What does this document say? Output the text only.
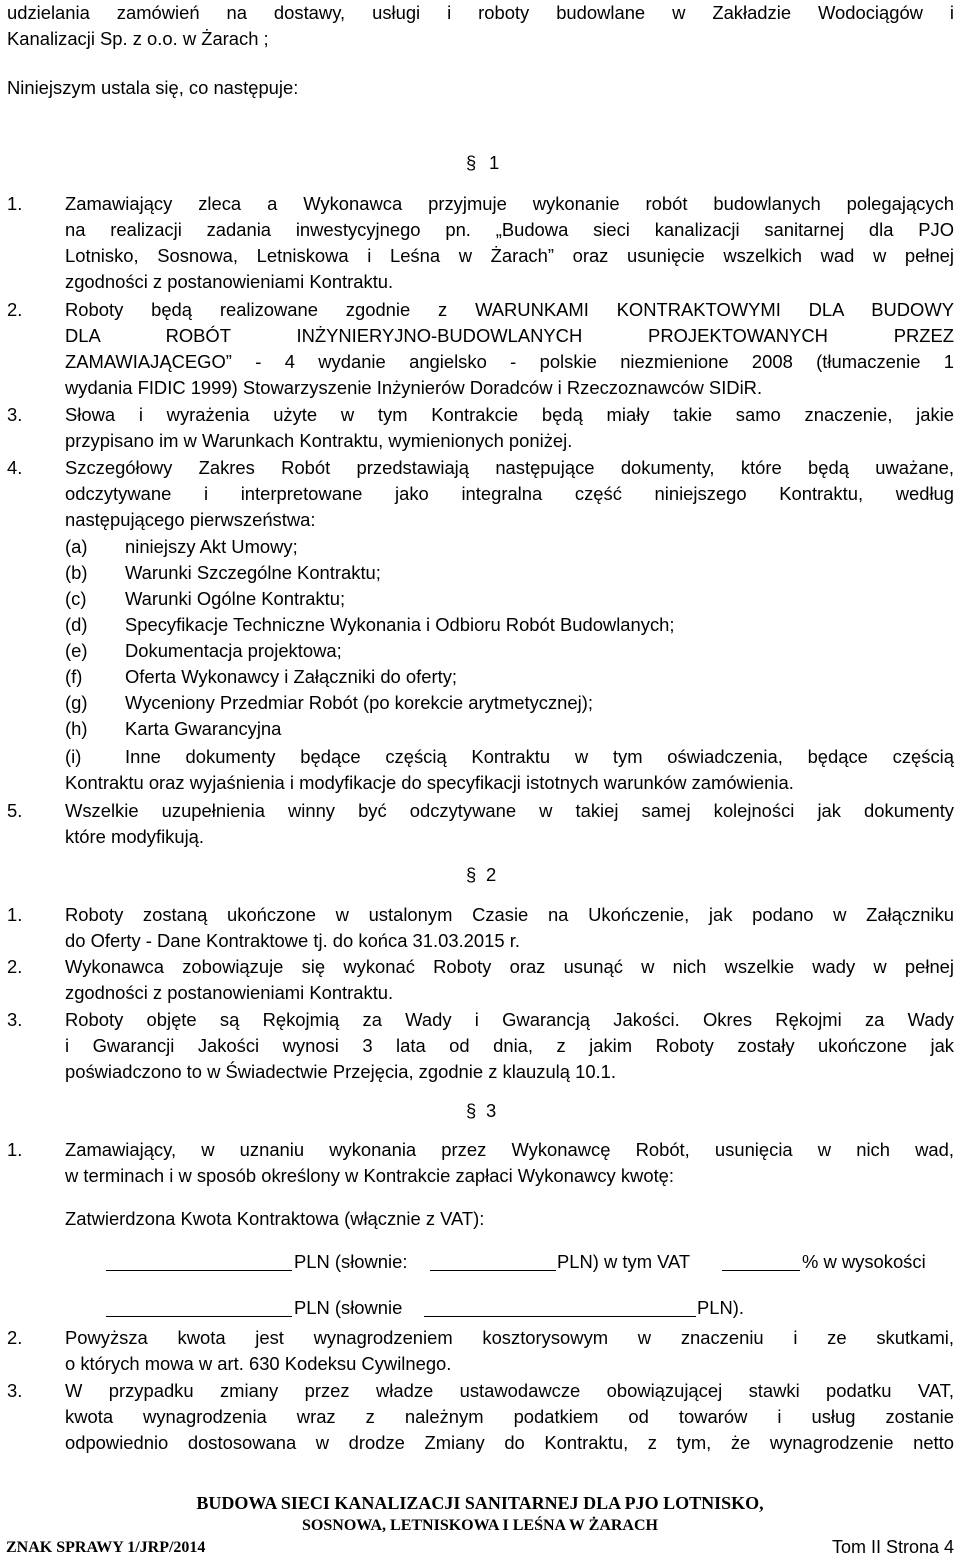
udzielania zamówień na dostawy, usługi i roboty budowlane w Zakładzie Wodociągów i
Kanalizacji Sp. z o.o. w Żarach ;
Niniejszym ustala się, co następuje:
§ 1
1. Zamawiający zleca a Wykonawca przyjmuje wykonanie robót budowlanych polegających
na realizacji zadania inwestycyjnego pn. „Budowa sieci kanalizacji sanitarnej dla PJO
Lotnisko, Sosnowa, Letniskowa i Leśna w Żarach” oraz usunięcie wszelkich wad w pełnej
zgodności z postanowieniami Kontraktu.
2. Roboty będą realizowane zgodnie z WARUNKAMI KONTRAKTOWYMI DLA BUDOWY
DLA ROBÓT INŻYNIERYJNO-BUDOWLANYCH PROJEKTOWANYCH PRZEZ
ZAMAWIAJĄCEGO” - 4 wydanie angielsko - polskie niezmienione 2008 (tłumaczenie 1
wydania FIDIC 1999) Stowarzyszenie Inżynierów Doradców i Rzeczoznawców SIDiR.
3. Słowa i wyrażenia użyte w tym Kontrakcie będą miały takie samo znaczenie, jakie
przypisano im w Warunkach Kontraktu, wymienionych poniżej.
4. Szczegółowy Zakres Robót przedstawiają następujące dokumenty, które będą uważane,
odczytywane i interpretowane jako integralna część niniejszego Kontraktu, według
następującego pierwszeństwa:
(a) niniejszy Akt Umowy;
(b) Warunki Szczególne Kontraktu;
(c) Warunki Ogólne Kontraktu;
(d) Specyfikacje Techniczne Wykonania i Odbioru Robót Budowlanych;
(e) Dokumentacja projektowa;
(f) Oferta Wykonawcy i Załączniki do oferty;
(g) Wyceniony Przedmiar Robót (po korekcie arytmetycznej);
(h) Karta Gwarancyjna
(i) Inne dokumenty będące częścią Kontraktu w tym oświadczenia, będące częścią
Kontraktu oraz wyjaśnienia i modyfikacje do specyfikacji istotnych warunków zamówienia.
5. Wszelkie uzupełnienia winny być odczytywane w takiej samej kolejności jak dokumenty
które modyfikują.
§ 2
1. Roboty zostaną ukończone w ustalonym Czasie na Ukończenie, jak podano w Załączniku
do Oferty - Dane Kontraktowe tj. do końca 31.03.2015 r.
2. Wykonawca zobowiązuje się wykonać Roboty oraz usunąć w nich wszelkie wady w pełnej
zgodności z postanowieniami Kontraktu.
3. Roboty objęte są Rękojmią za Wady i Gwarancją Jakości. Okres Rękojmi za Wady
i Gwarancji Jakości wynosi 3 lata od dnia, z jakim Roboty zostały ukończone jak
poświadczono to w Świadectwie Przejęcia, zgodnie z klauzulą 10.1.
§ 3
1. Zamawiający, w uznaniu wykonania przez Wykonawcę Robót, usunięcia w nich wad,
w terminach i w sposób określony w Kontrakcie zapłaci Wykonawcy kwotę:
Zatwierdzona Kwota Kontraktowa (włącznie z VAT):
PLN (słownie:	PLN) w tym VAT	% w wysokości
PLN (słownie	PLN).
2. Powyższa kwota jest wynagrodzeniem kosztorysowym w znaczeniu i ze skutkami,
o których mowa w art. 630 Kodeksu Cywilnego.
3. W przypadku zmiany przez władze ustawodawcze obowiązującej stawki podatku VAT,
kwota wynagrodzenia wraz z należnym podatkiem od towarów i usług zostanie
odpowiednio dostosowana w drodze Zmiany do Kontraktu, z tym, że wynagrodzenie netto
BUDOWA SIECI KANALIZACJI SANITARNEJ DLA PJO LOTNISKO,
SOSNOWA, LETNISKOWA I LEŚNA W ŻARACH
ZNAK SPRAWY 1/JRP/2014	Tom II Strona 4
